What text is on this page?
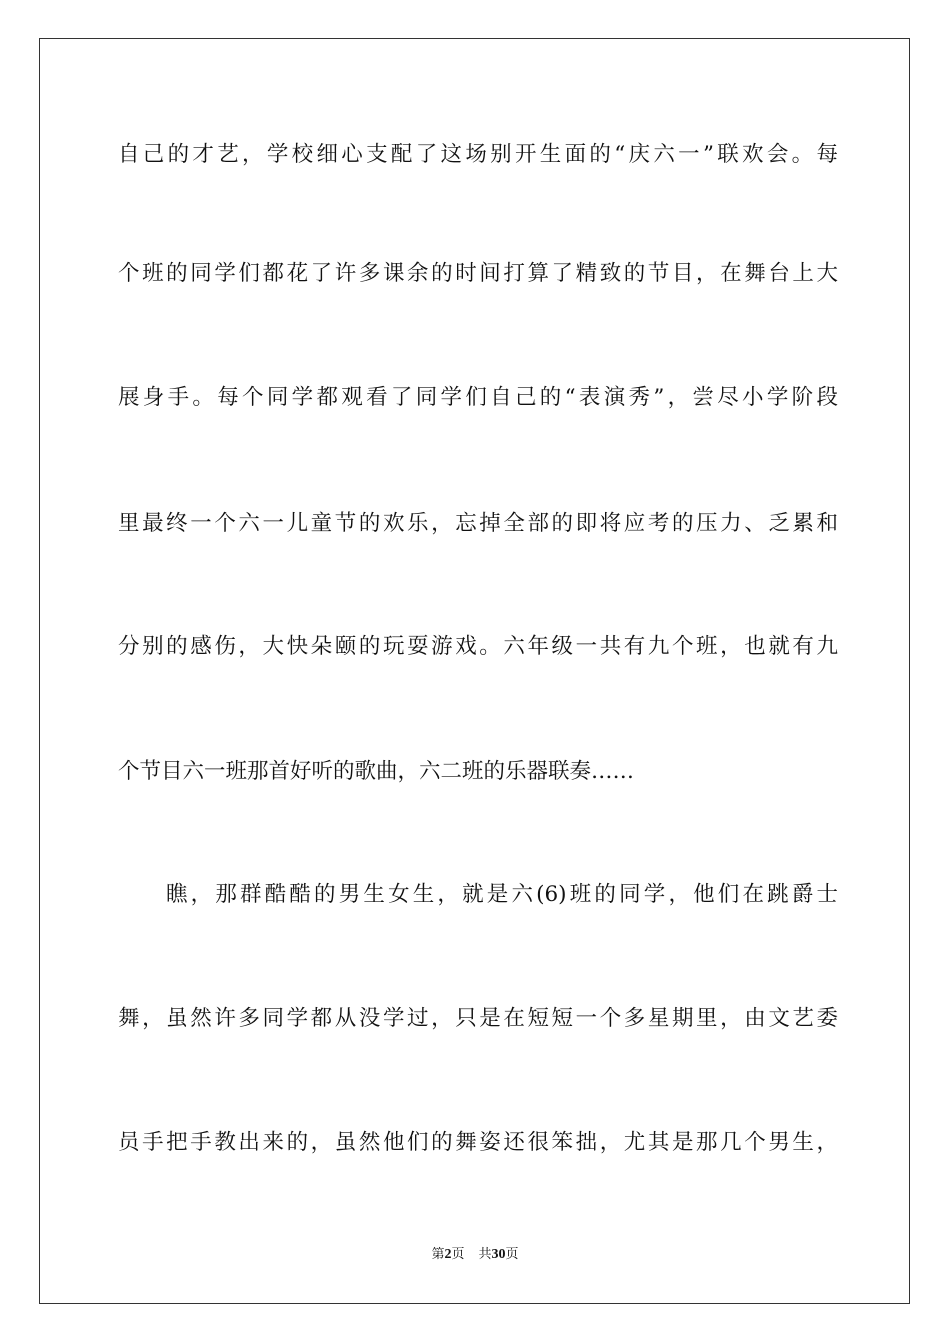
自己的才艺，学校细心支配了这场别开生面的“庆六一”联欢会。每
个班的同学们都花了许多课余的时间打算了精致的节目，在舞台上大
展身手。每个同学都观看了同学们自己的“表演秀”，尝尽小学阶段
里最终一个六一儿童节的欢乐，忘掉全部的即将应考的压力、乏累和
分别的感伤，大快朵颐的玩耍游戏。六年级一共有九个班，也就有九
个节目六一班那首好听的歌曲，六二班的乐器联奏……
瞧，那群酷酷的男生女生，就是六(6)班的同学，他们在跳爵士
舞，虽然许多同学都从没学过，只是在短短一个多星期里，由文艺委
员手把手教出来的，虽然他们的舞姿还很笨拙，尤其是那几个男生，
第2页 共30页
